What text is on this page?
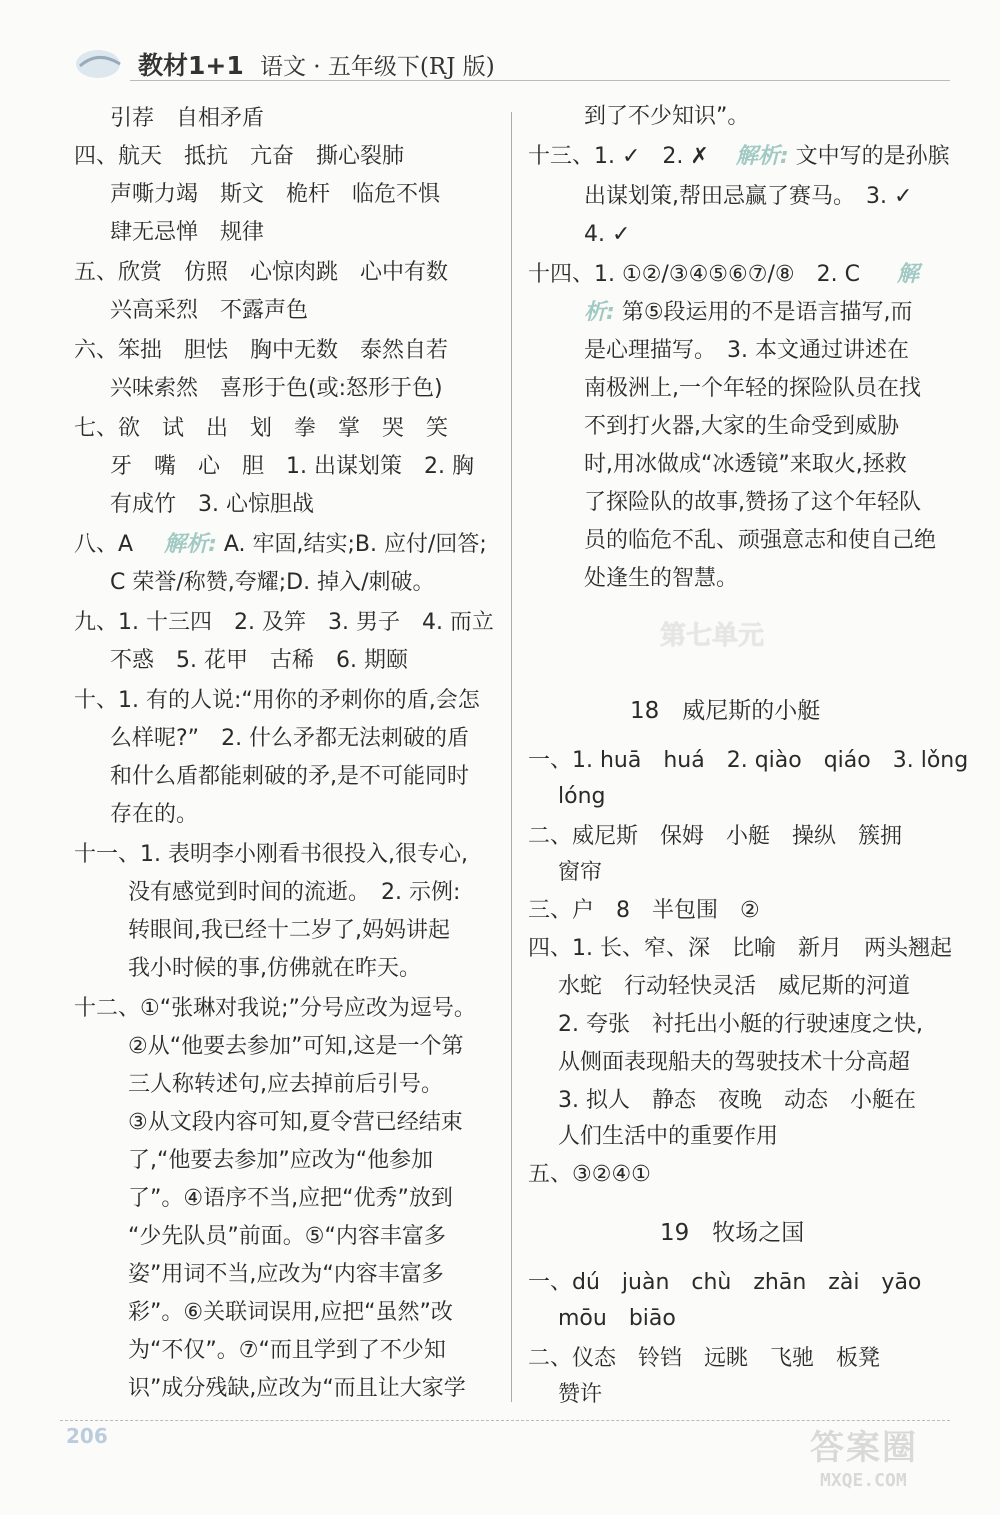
教材1+1 语文 · 五年级下(RJ 版)
引荐　自相矛盾
四、航天　抵抗　亢奋　撕心裂肺
声嘶力竭　斯文　桅杆　临危不惧
肆无忌惮　规律
五、欣赏　仿照　心惊肉跳　心中有数
兴高采烈　不露声色
六、笨拙　胆怯　胸中无数　泰然自若
兴味索然　喜形于色(或:怒形于色)
七、欲　试　出　划　拳　掌　哭　笑
牙　嘴　心　胆　1. 出谋划策　2. 胸
有成竹　3. 心惊胆战
八、A 解析: A. 牢固,结实;B. 应付/回答;
C 荣誉/称赞,夸耀;D. 掉入/刺破。
九、1. 十三四　2. 及笄　3. 男子　4. 而立
不惑　5. 花甲　古稀　6. 期颐
十、1. 有的人说:“用你的矛刺你的盾,会怎
么样呢?”　2. 什么矛都无法刺破的盾
和什么盾都能刺破的矛,是不可能同时
存在的。
十一、1. 表明李小刚看书很投入,很专心,
没有感觉到时间的流逝。　2. 示例:
转眼间,我已经十二岁了,妈妈讲起
我小时候的事,仿佛就在昨天。
十二、①“张琳对我说;”分号应改为逗号。
②从“他要去参加”可知,这是一个第
三人称转述句,应去掉前后引号。
③从文段内容可知,夏令营已经结束
了,“他要去参加”应改为“他参加
了”。④语序不当,应把“优秀”放到
“少先队员”前面。⑤“内容丰富多
姿”用词不当,应改为“内容丰富多
彩”。⑥关联词误用,应把“虽然”改
为“不仅”。⑦“而且学到了不少知
识”成分残缺,应改为“而且让大家学
到了不少知识”。
十三、1. ✓　2. ✗ 解析: 文中写的是孙膑
出谋划策,帮田忌赢了赛马。　3. ✓
4. ✓
十四、1. ①②/③④⑤⑥⑦/⑧　2. C 解
析: 第⑤段运用的不是语言描写,而
是心理描写。　3. 本文通过讲述在
南极洲上,一个年轻的探险队员在找
不到打火器,大家的生命受到威胁
时,用冰做成“冰透镜”来取火,拯救
了探险队的故事,赞扬了这个年轻队
员的临危不乱、顽强意志和使自己绝
处逢生的智慧。
第七单元
18　威尼斯的小艇
一、1. huā　huá　2. qiào　qiáo　3. lǒng
lóng
二、威尼斯　保姆　小艇　操纵　簇拥
窗帘
三、户　8　半包围　②
四、1. 长、窄、深　比喻　新月　两头翘起
水蛇　行动轻快灵活　威尼斯的河道
2. 夸张　衬托出小艇的行驶速度之快,
从侧面表现船夫的驾驶技术十分高超
3. 拟人　静态　夜晚　动态　小艇在
人们生活中的重要作用
五、③②④①
19　牧场之国
一、dú　juàn　chù　zhān　zài　yāo
mōu　biāo
二、仪态　铃铛　远眺　飞驰　板凳
赞许
206	答案圈
MXQE.COM
